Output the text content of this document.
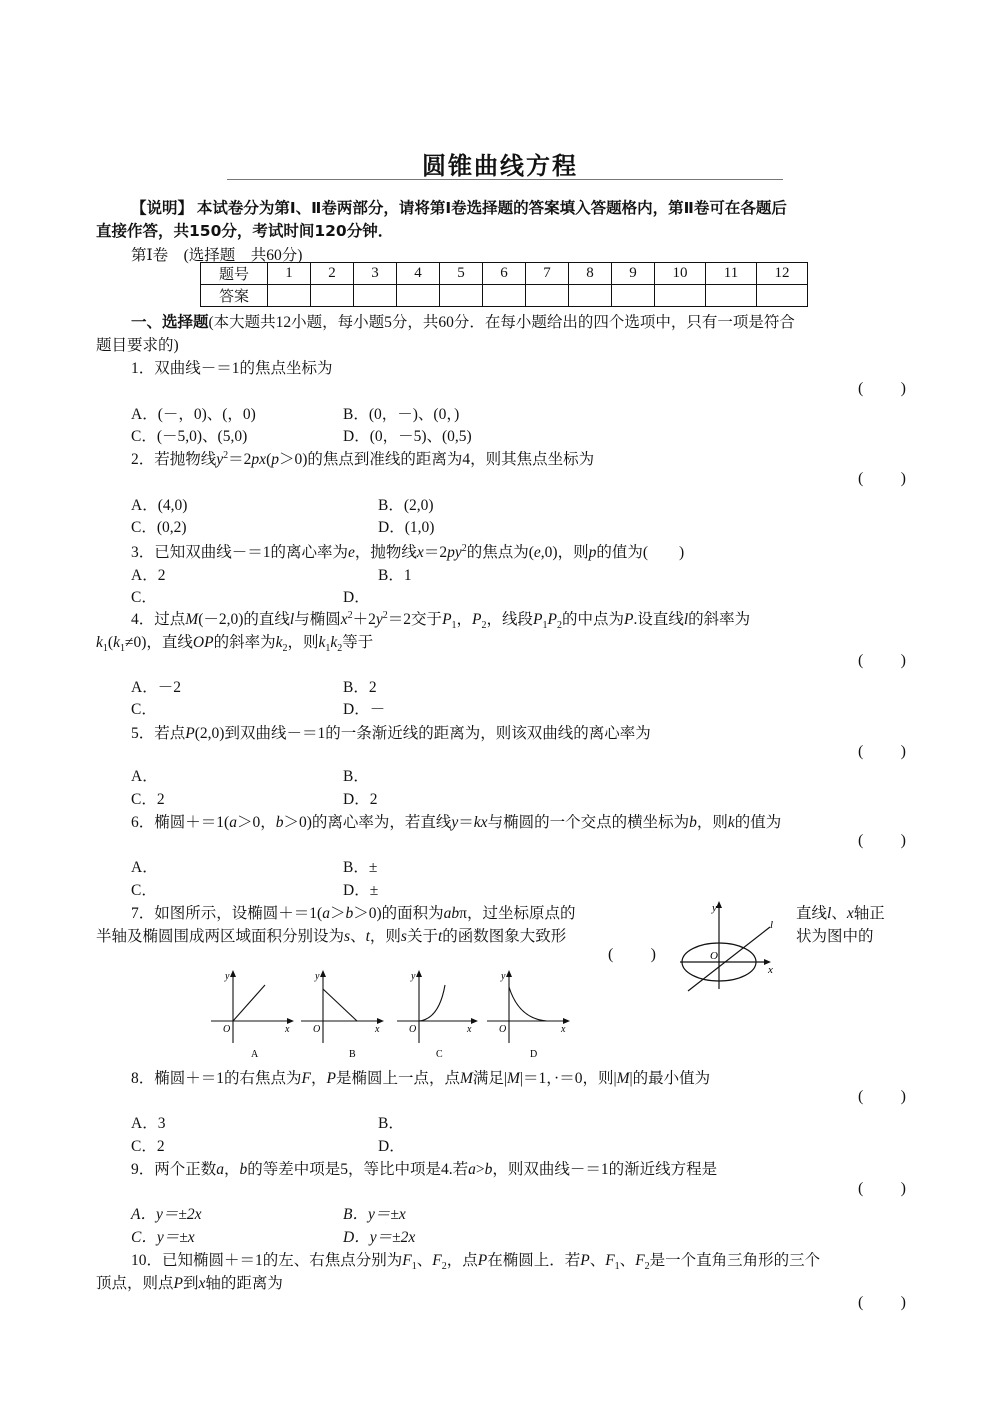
圆锥曲线方程
【说明】 本试卷分为第Ⅰ、Ⅱ卷两部分，请将第Ⅰ卷选择题的答案填入答题格内，第Ⅱ卷可在各题后
直接作答，共150分，考试时间120分钟．
第Ⅰ卷　 (选择题　共60分)
题号	1	2	3	4	5	6	7	8	9	10	11	12
答案												
一、选择题(本大题共12小题，每小题5分，共60分．在每小题给出的四个选项中，只有一项是符合
题目要求的)
1．双曲线－＝1的焦点坐标为
( )
A．(－，0)、(，0)	B．(0，－)、(0，)
C．(－5,0)、(5,0)	D．(0，－5)、(0,5)
2．若抛物线$y^2=2px(p>0)$的焦点到准线的距离为4，则其焦点坐标为
( )
A．(4,0)	B．(2,0)
C．(0,2)	D．(1,0)
3．已知双曲线－＝1的离心率为e，抛物线$x=2py^2$的焦点为(e,0)，则p的值为(　　)
A．2	B．1
C．	D．
4．过点M(－2,0)的直线l与椭圆$x^2+2y^2=2$交于$P_1$，$P_2$，线段$P_1P_2$的中点为P.设直线l的斜率为
$k_1(k_1\ne 0)$，直线OP的斜率为$k_2$，则$k_1k_2$等于
( )
A．－2	B．2
C．	D．－
5．若点P(2,0)到双曲线－＝1的一条渐近线的距离为，则该双曲线的离心率为
( )
A．	B．
C．2	D．2
6．椭圆＋＝1(a＞0，b＞0)的离心率为，若直线y＝kx与椭圆的一个交点的横坐标为b，则k的值为
( )
A．	B．±
C．	D．±
7．如图所示，设椭圆＋＝1(a＞b＞0)的面积为abπ，过坐标原点的	直线l、x轴正
半轴及椭圆围成两区域面积分别设为s、t，则s关于t的函数图象大致形	状为图中的
( )
y
l
O
x
y
O	x
A
y
O	x
B
y
O	x
C
y
O	x
D
8．椭圆＋＝1的右焦点为F，P是椭圆上一点，点M满足|M|＝1，·＝0，则|M|的最小值为
( )
A．3	B．
C．2	D．
9．两个正数a，b的等差中项是5，等比中项是4.若a>b，则双曲线－＝1的渐近线方程是
( )
A．y＝±2x	B．y＝±x
C．y＝±x	D．y＝±2x
10．已知椭圆＋＝1的左、右焦点分别为$F_1$、$F_2$，点P在椭圆上．若P、$F_1$、$F_2$是一个直角三角形的三个
顶点，则点P到x轴的距离为
( )
